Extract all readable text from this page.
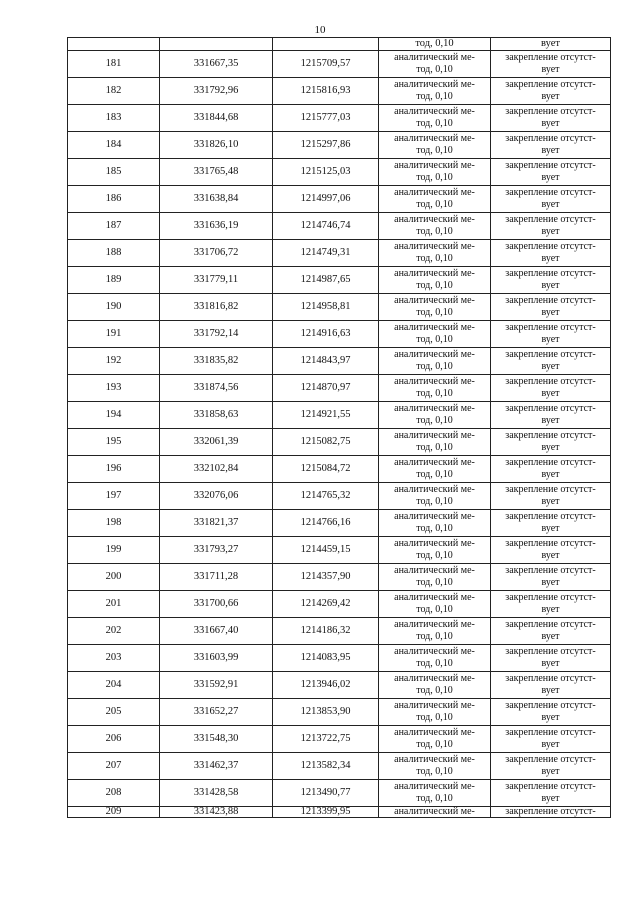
10
			тод, 0,10	вует
181	331667,35	1215709,57	аналитический ме-
тод, 0,10	закрепление отсутст-
вует

182	331792,96	1215816,93	аналитический ме-
тод, 0,10	закрепление отсутст-
вует

183	331844,68	1215777,03	аналитический ме-
тод, 0,10	закрепление отсутст-
вует

184	331826,10	1215297,86	аналитический ме-
тод, 0,10	закрепление отсутст-
вует

185	331765,48	1215125,03	аналитический ме-
тод, 0,10	закрепление отсутст-
вует

186	331638,84	1214997,06	аналитический ме-
тод, 0,10	закрепление отсутст-
вует

187	331636,19	1214746,74	аналитический ме-
тод, 0,10	закрепление отсутст-
вует

188	331706,72	1214749,31	аналитический ме-
тод, 0,10	закрепление отсутст-
вует

189	331779,11	1214987,65	аналитический ме-
тод, 0,10	закрепление отсутст-
вует

190	331816,82	1214958,81	аналитический ме-
тод, 0,10	закрепление отсутст-
вует

191	331792,14	1214916,63	аналитический ме-
тод, 0,10	закрепление отсутст-
вует

192	331835,82	1214843,97	аналитический ме-
тод, 0,10	закрепление отсутст-
вует

193	331874,56	1214870,97	аналитический ме-
тод, 0,10	закрепление отсутст-
вует

194	331858,63	1214921,55	аналитический ме-
тод, 0,10	закрепление отсутст-
вует

195	332061,39	1215082,75	аналитический ме-
тод, 0,10	закрепление отсутст-
вует

196	332102,84	1215084,72	аналитический ме-
тод, 0,10	закрепление отсутст-
вует

197	332076,06	1214765,32	аналитический ме-
тод, 0,10	закрепление отсутст-
вует

198	331821,37	1214766,16	аналитический ме-
тод, 0,10	закрепление отсутст-
вует

199	331793,27	1214459,15	аналитический ме-
тод, 0,10	закрепление отсутст-
вует

200	331711,28	1214357,90	аналитический ме-
тод, 0,10	закрепление отсутст-
вует

201	331700,66	1214269,42	аналитический ме-
тод, 0,10	закрепление отсутст-
вует

202	331667,40	1214186,32	аналитический ме-
тод, 0,10	закрепление отсутст-
вует

203	331603,99	1214083,95	аналитический ме-
тод, 0,10	закрепление отсутст-
вует

204	331592,91	1213946,02	аналитический ме-
тод, 0,10	закрепление отсутст-
вует

205	331652,27	1213853,90	аналитический ме-
тод, 0,10	закрепление отсутст-
вует

206	331548,30	1213722,75	аналитический ме-
тод, 0,10	закрепление отсутст-
вует

207	331462,37	1213582,34	аналитический ме-
тод, 0,10	закрепление отсутст-
вует

208	331428,58	1213490,77	аналитический ме-
тод, 0,10	закрепление отсутст-
вует

209	331423,88	1213399,95	аналитический ме-	закрепление отсутст-
